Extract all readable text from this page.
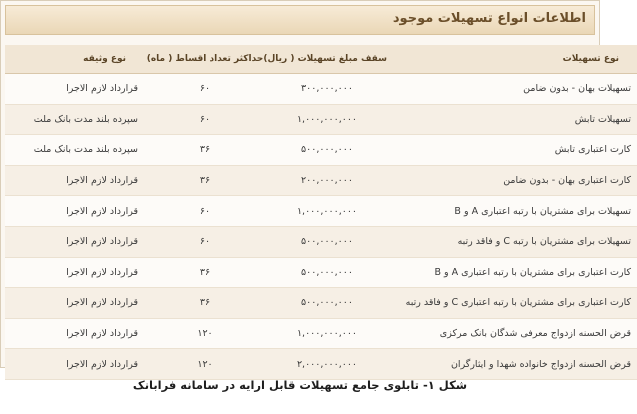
اطلاعات انواع تسهیلات موجود
نوع تسهیلات	سقف مبلغ تسهیلات ( ریال)	حداکثر تعداد اقساط ( ماه)	نوع وثیقه
تسهیلات بهان - بدون ضامن	۳۰۰,۰۰۰,۰۰۰	۶۰	قرارداد لازم الاجرا
تسهیلات تابش	۱,۰۰۰,۰۰۰,۰۰۰	۶۰	سپرده بلند مدت بانک ملت
کارت اعتباری تابش	۵۰۰,۰۰۰,۰۰۰	۳۶	سپرده بلند مدت بانک ملت
کارت اعتباری بهان - بدون ضامن	۲۰۰,۰۰۰,۰۰۰	۳۶	قرارداد لازم الاجرا
تسهیلات برای مشتریان با رتبه اعتباری A و B	۱,۰۰۰,۰۰۰,۰۰۰	۶۰	قرارداد لازم الاجرا
تسهیلات برای مشتریان با رتبه C و فاقد رتبه	۵۰۰,۰۰۰,۰۰۰	۶۰	قرارداد لازم الاجرا
کارت اعتباری برای مشتریان با رتبه اعتباری A و B	۵۰۰,۰۰۰,۰۰۰	۳۶	قرارداد لازم الاجرا
کارت اعتباری برای مشتریان با رتبه اعتباری C و فاقد رتبه	۵۰۰,۰۰۰,۰۰۰	۳۶	قرارداد لازم الاجرا
قرض الحسنه ازدواج معرفی شدگان بانک مرکزی	۱,۰۰۰,۰۰۰,۰۰۰	۱۲۰	قرارداد لازم الاجرا
قرض الحسنه ازدواج خانواده شهدا و ایثارگران	۲,۰۰۰,۰۰۰,۰۰۰	۱۲۰	قرارداد لازم الاجرا
شکل ۱- تابلوی جامع تسهیلات قابل ارایه در سامانه فرابانک
